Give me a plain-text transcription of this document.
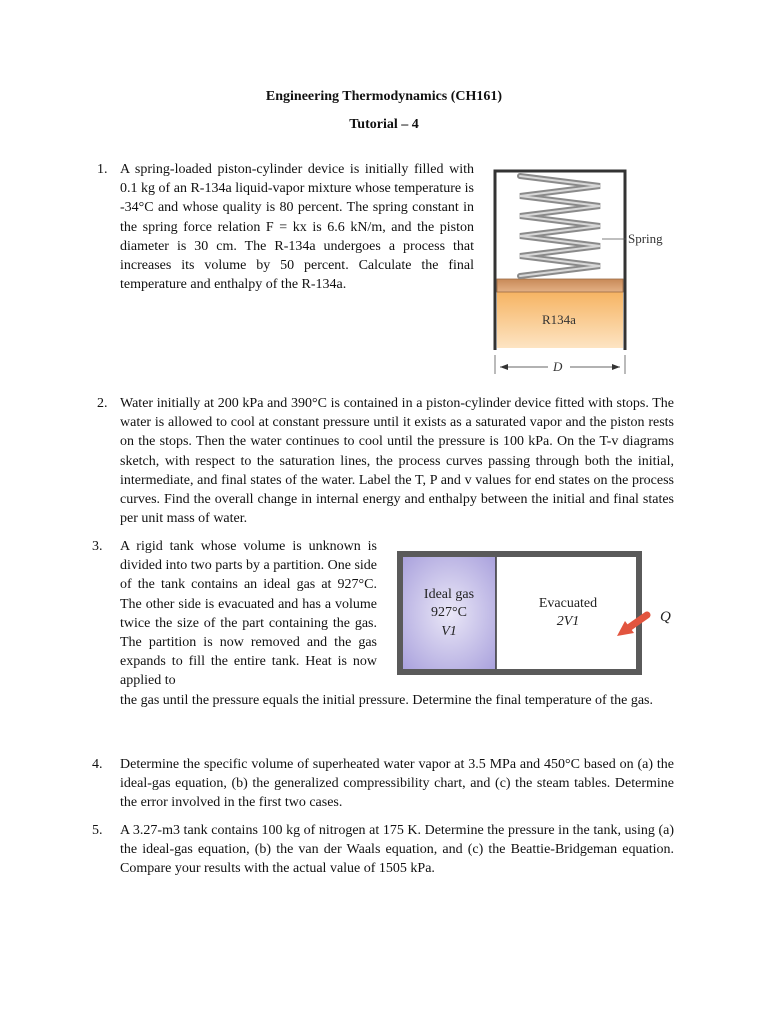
Engineering Thermodynamics (CH161)
Tutorial – 4
1. A spring-loaded piston-cylinder device is initially filled with 0.1 kg of an R-134a liquid-vapor mixture whose temperature is -34°C and whose quality is 80 percent. The spring constant in the spring force relation F = kx is 6.6 kN/m, and the piston diameter is 30 cm. The R-134a undergoes a process that increases its volume by 50 percent. Calculate the final temperature and enthalpy of the R-134a.
Spring
R134a
D
2. Water initially at 200 kPa and 390°C is contained in a piston-cylinder device fitted with stops. The water is allowed to cool at constant pressure until it exists as a saturated vapor and the piston rests on the stops. Then the water continues to cool until the pressure is 100 kPa. On the T-v diagrams sketch, with respect to the saturation lines, the process curves passing through both the initial, intermediate, and final states of the water. Label the T, P and v values for end states on the process curves. Find the overall change in internal energy and enthalpy between the initial and final states per unit mass of water.
3. A rigid tank whose volume is unknown is divided into two parts by a partition. One side of the tank contains an ideal gas at 927°C. The other side is evacuated and has a volume twice the size of the part containing the gas. The partition is now removed and the gas expands to fill the entire tank. Heat is now applied to
the gas until the pressure equals the initial pressure. Determine the final temperature of the gas.
Ideal gas
927°C
V1
Evacuated
2V1	Q
4. Determine the specific volume of superheated water vapor at 3.5 MPa and 450°C based on (a) the ideal-gas equation, (b) the generalized compressibility chart, and (c) the steam tables. Determine the error involved in the first two cases.
5. A 3.27-m3 tank contains 100 kg of nitrogen at 175 K. Determine the pressure in the tank, using (a) the ideal-gas equation, (b) the van der Waals equation, and (c) the Beattie-Bridgeman equation. Compare your results with the actual value of 1505 kPa.
